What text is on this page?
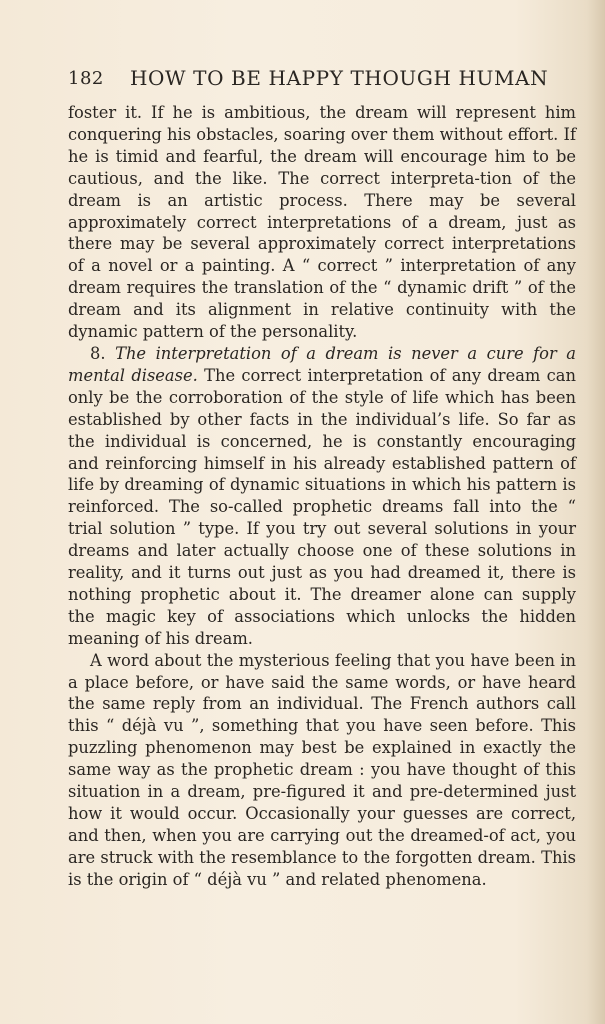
182 HOW TO BE HAPPY THOUGH HUMAN

foster it. If he is ambitious, the dream will represent him conquering his obstacles, soaring over them without effort. If he is timid and fearful, the dream will encourage him to be cautious, and the like. The correct interpreta-tion of the dream is an artistic process. There may be several approximately correct interpretations of a dream, just as there may be several approximately correct interpretations of a novel or a painting. A “ correct ” interpretation of any dream requires the translation of the “ dynamic drift ” of the dream and its alignment in relative continuity with the dynamic pattern of the personality.

8. The interpretation of a dream is never a cure for a mental disease. The correct interpretation of any dream can only be the corroboration of the style of life which has been established by other facts in the individual’s life. So far as the individual is concerned, he is constantly encouraging and reinforcing himself in his already established pattern of life by dreaming of dynamic situations in which his pattern is reinforced. The so-called prophetic dreams fall into the “ trial solution ” type. If you try out several solutions in your dreams and later actually choose one of these solutions in reality, and it turns out just as you had dreamed it, there is nothing prophetic about it. The dreamer alone can supply the magic key of associations which unlocks the hidden meaning of his dream.

A word about the mysterious feeling that you have been in a place before, or have said the same words, or have heard the same reply from an individual. The French authors call this “ déjà vu ”, something that you have seen before. This puzzling phenomenon may best be explained in exactly the same way as the prophetic dream : you have thought of this situation in a dream, pre-figured it and pre-determined just how it would occur. Occasionally your guesses are correct, and then, when you are carrying out the dreamed-of act, you are struck with the resemblance to the forgotten dream. This is the origin of “ déjà vu ” and related phenomena.
